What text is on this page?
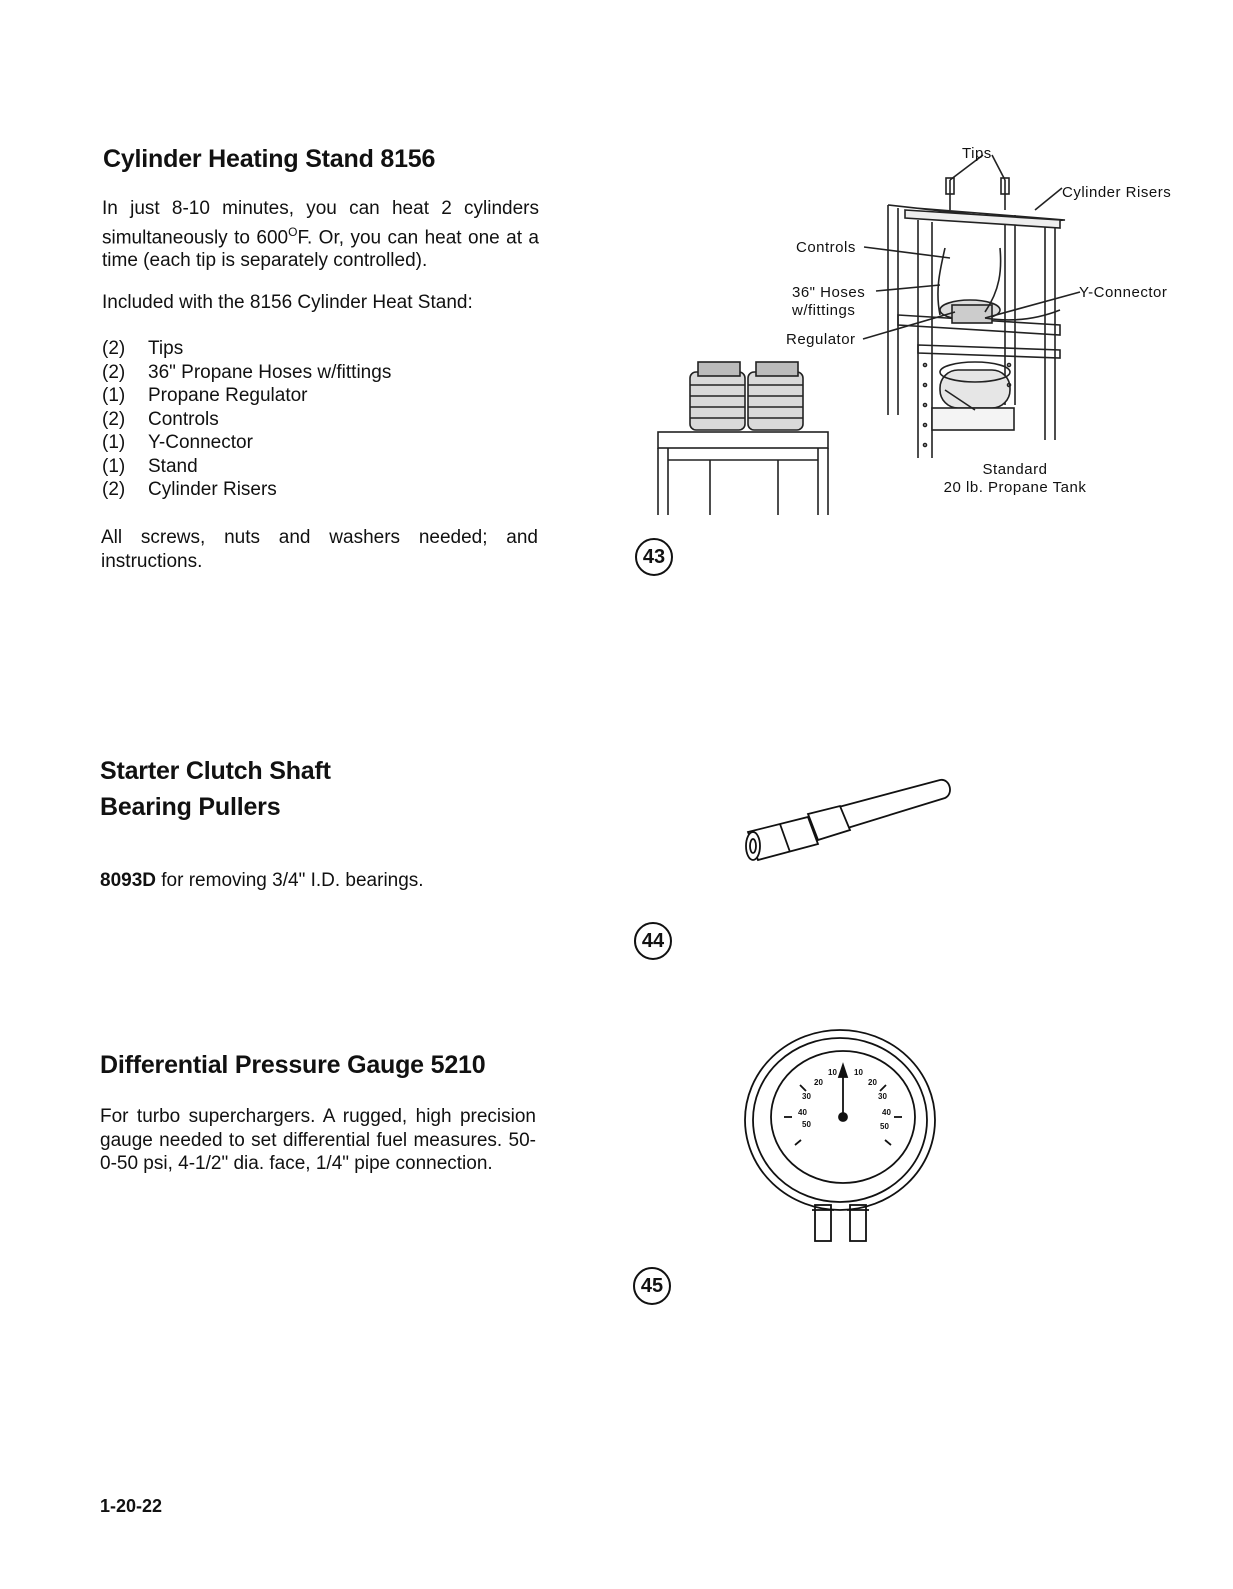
Cylinder Heating Stand 8156
In just 8-10 minutes, you can heat 2 cylinders simultaneously to $600^OF$. Or, you can heat one at a time (each tip is separately controlled).
Included with the 8156 Cylinder Heat Stand:
(2) Tips
(2) 36" Propane Hoses w/fittings
(1) Propane Regulator
(2) Controls
(1) Y-Connector
(1) Stand
(2) Cylinder Risers
All screws, nuts and washers needed; and instructions.
Tips
Cylinder Risers
Controls
36" Hoses
w/fittings
Y-Connector
Regulator
Standard
20 lb. Propane Tank
43
Starter Clutch Shaft
Bearing Pullers
8093D for removing 3/4" I.D. bearings.
44
Differential Pressure Gauge 5210
For turbo superchargers. A rugged, high precision gauge needed to set differential fuel measures. 50-0-50 psi, 4-1/2" dia. face, 1/4" pipe connection.
10 10
20	20
30	30
40	40
50	50
45
1-20-22
